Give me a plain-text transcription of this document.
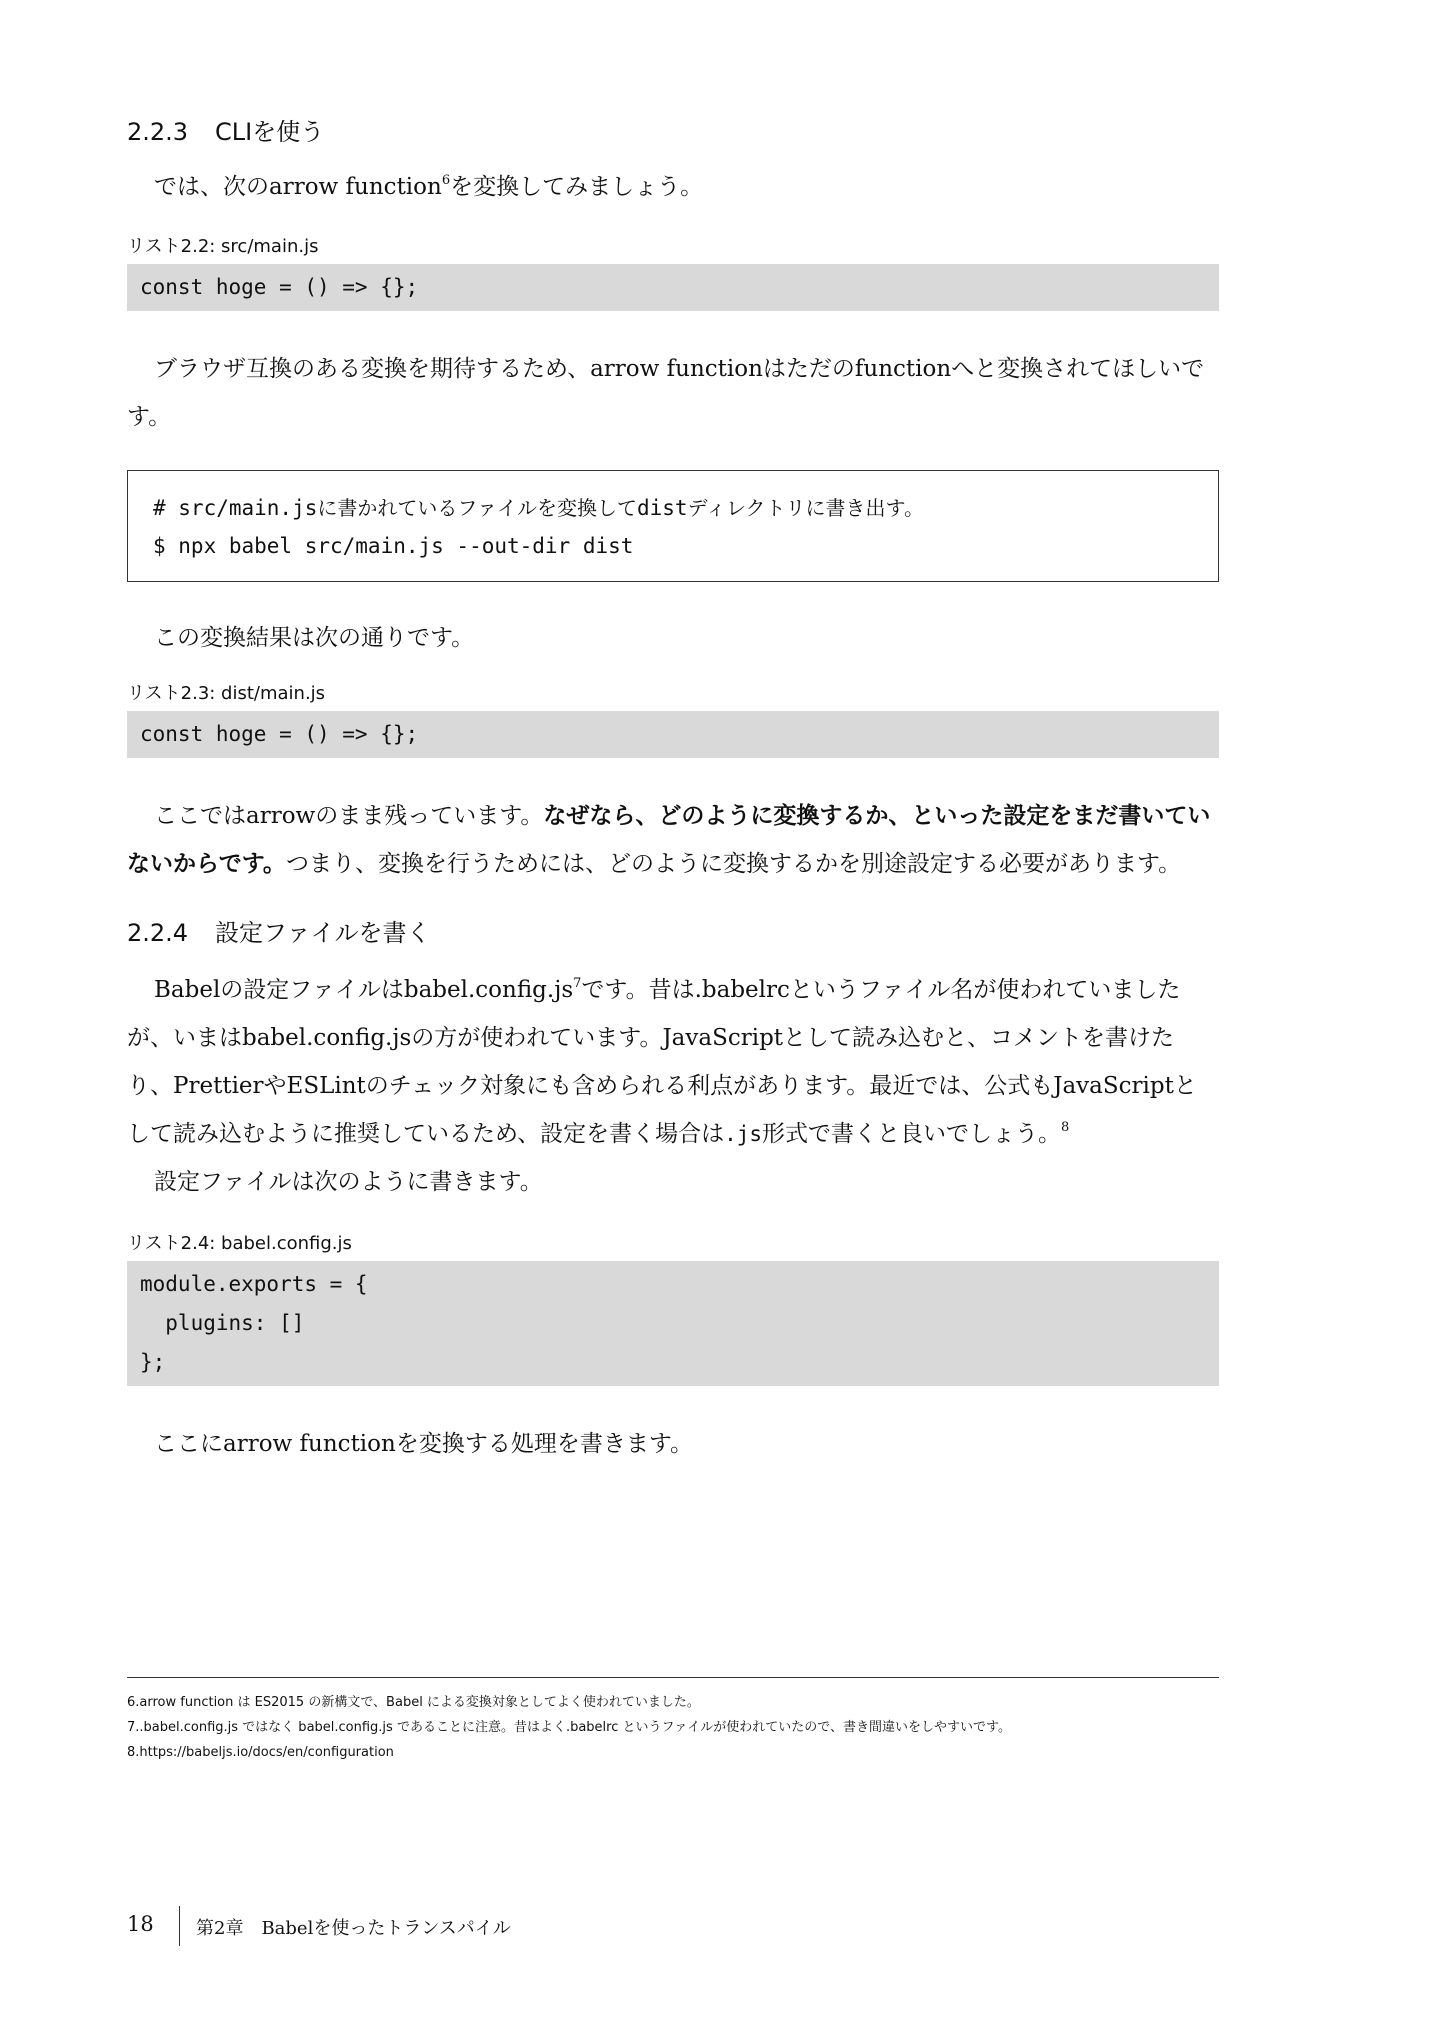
2.2.3 CLIを使う

では、次のarrow function$^6$を変換してみましょう。

リスト2.2: src/main.js

const hoge = () => {};

ブラウザ互換のある変換を期待するため、arrow functionはただのfunctionへと変換されてほしいです。

# src/main.jsに書かれているファイルを変換してdistディレクトリに書き出す。
$ npx babel src/main.js --out-dir dist

この変換結果は次の通りです。

リスト2.3: dist/main.js

const hoge = () => {};

ここではarrowのまま残っています。なぜなら、どのように変換するか、といった設定をまだ書いていないからです。つまり、変換を行うためには、どのように変換するかを別途設定する必要があります。

2.2.4 設定ファイルを書く

Babelの設定ファイルは$babel.config.js^7$です。昔は.babelrcというファイル名が使われていましたが、いまはbabel.config.jsの方が使われています。JavaScriptとして読み込むと、コメントを書けたり、PrettierやESLintのチェック対象にも含められる利点があります。最近では、公式もJavaScriptとして読み込むように推奨しているため、設定を書く場合は.js形式で書くと良いでしょう。$^8$

設定ファイルは次のように書きます。

リスト2.4: babel.config.js

module.exports = {
plugins: []
};

ここにarrow functionを変換する処理を書きます。

6.arrow function は ES2015 の新構文で、Babel による変換対象としてよく使われていました。

7..babel.config.js ではなく babel.config.js であることに注意。昔はよく.babelrc というファイルが使われていたので、書き間違いをしやすいです。

8.https://babeljs.io/docs/en/configuration

18 第2章　Babelを使ったトランスパイル
